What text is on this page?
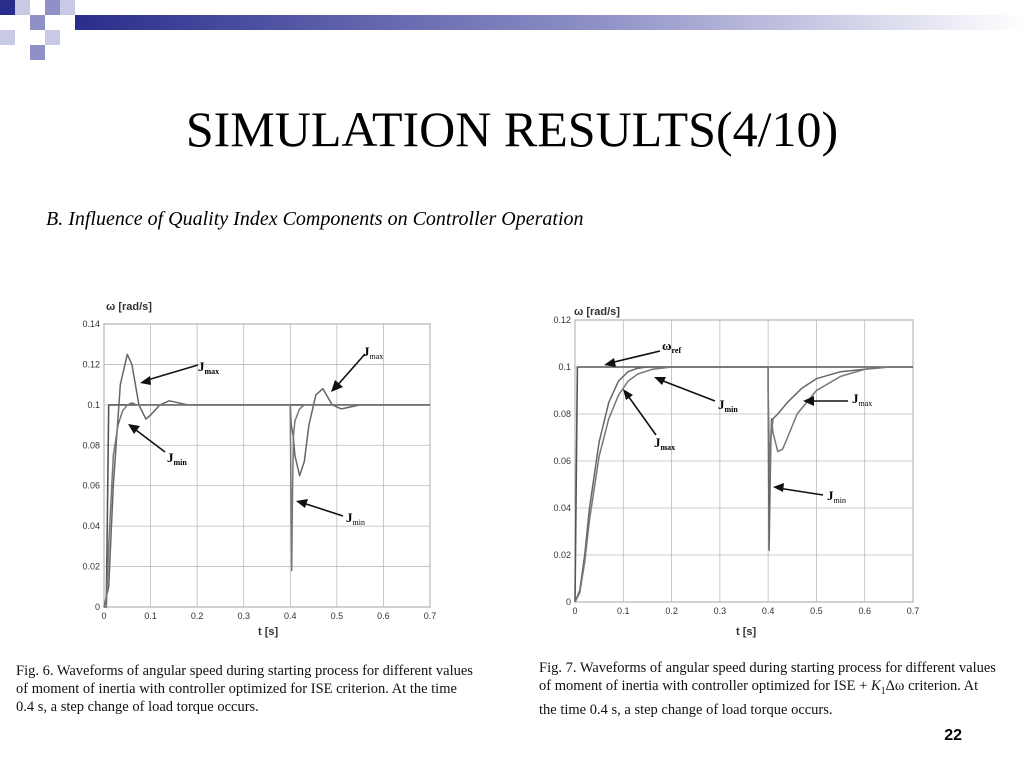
SIMULATION RESULTS(4/10)
B. Influence of Quality Index Components on Controller Operation
ω [rad/s]
0	0.1	0.2	0.3	0.4	0.5	0.6	0.7
0
0.02
0.04
0.06
0.08
0.1
0.12
0.14
t [s]
$J_{max}$
$J_{max}$
$J_{min}$
$J_{min}$
Fig. 6. Waveforms of angular speed during starting process for different values
of moment of inertia with controller optimized for ISE criterion. At the time
0.4 s, a step change of load torque occurs.
ω [rad/s]
0	0.1	0.2	0.3	0.4	0.5	0.6	0.7
0
0.02
0.04
0.06
0.08
0.1
0.12
t [s]
$\omega_{ref}$
$J_{min}$
$J_{max}$
$J_{max}$
$J_{min}$
Fig. 7. Waveforms of angular speed during starting process for different values
of moment of inertia with controller optimized for ISE + $K_1\Delta\omega$ criterion. At
the time 0.4 s, a step change of load torque occurs.
22
